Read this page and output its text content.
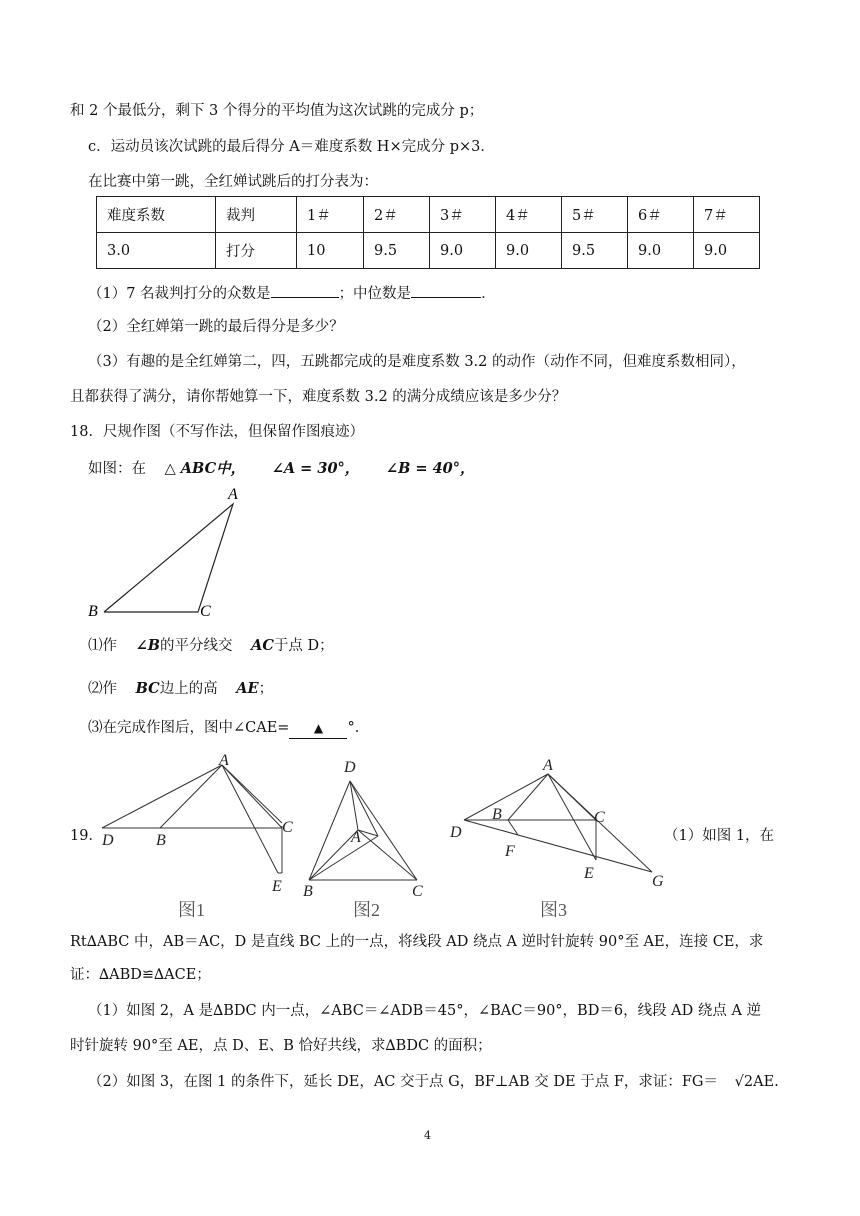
和 2 个最低分，剩下 3 个得分的平均值为这次试跳的完成分 p；
c．运动员该次试跳的最后得分 A＝难度系数 H×完成分 p×3．
在比赛中第一跳，全红婵试跳后的打分表为：
难度系数	裁判	1＃	2＃	3＃	4＃	5＃	6＃	7＃
3.0	打分	10	9.5	9.0	9.0	9.5	9.0	9.0
（1）7 名裁判打分的众数是	；中位数是	．
（2）全红婵第一跳的最后得分是多少？
（3）有趣的是全红婵第二，四，五跳都完成的是难度系数 3.2 的动作（动作不同，但难度系数相同），
且都获得了满分，请你帮她算一下，难度系数 3.2 的满分成绩应该是多少分？
18．尺规作图（不写作法，但保留作图痕迹）
如图：在 △ ABC中， ∠A = 30°， ∠B = 40°，
A
B	C
⑴作 ∠B的平分线交 AC于点 D；
⑵作 BC边上的高 AE；
⑶在完成作图后，图中∠CAE= ▲ °．
A
B
C
D
E
图1
D
A
B	C
图2
A
B	C
D
F
E	G
图3
19．	（1）如图 1，在
Rt∆ABC 中，AB＝AC，D 是直线 BC 上的一点，将线段 AD 绕点 A 逆时针旋转 90°至 AE，连接 CE，求
证：∆ABD≌∆ACE；
（1）如图 2，A 是∆BDC 内一点，∠ABC＝∠ADB＝45°，∠BAC＝90°，BD＝6，线段 AD 绕点 A 逆
时针旋转 90°至 AE，点 D、E、B 恰好共线，求∆BDC 的面积；
（2）如图 3，在图 1 的条件下，延长 DE，AC 交于点 G，BF⊥AB 交 DE 于点 F，求证：FG＝ √2AE.
4
